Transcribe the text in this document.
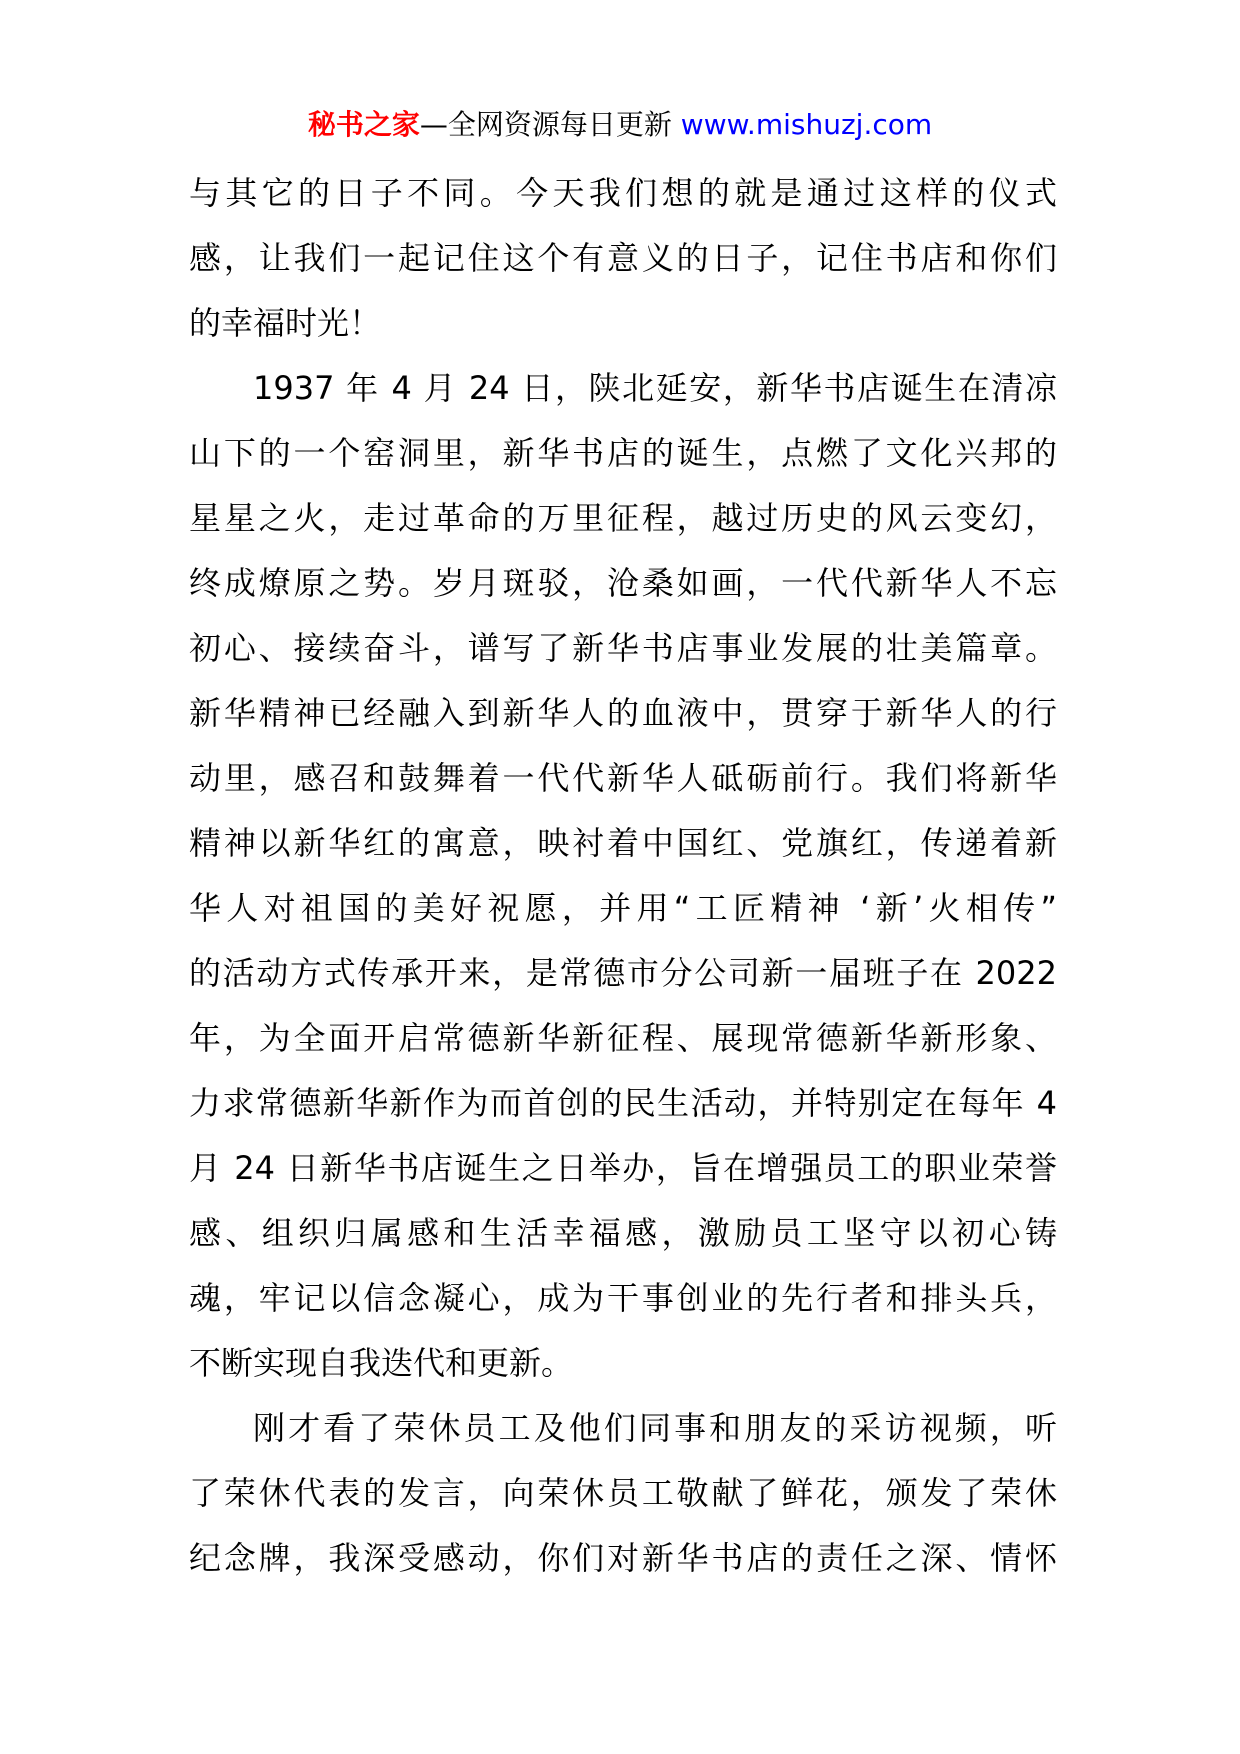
秘书之家—全网资源每日更新 www.mishuzj.com
与其它的日子不同。今天我们想的就是通过这样的仪式
感，让我们一起记住这个有意义的日子，记住书店和你们
的幸福时光！
1937 年 4 月 24 日，陕北延安，新华书店诞生在清凉
山下的一个窑洞里，新华书店的诞生，点燃了文化兴邦的
星星之火，走过革命的万里征程，越过历史的风云变幻，
终成燎原之势。岁月斑驳，沧桑如画，一代代新华人不忘
初心、接续奋斗，谱写了新华书店事业发展的壮美篇章。
新华精神已经融入到新华人的血液中，贯穿于新华人的行
动里，感召和鼓舞着一代代新华人砥砺前行。我们将新华
精神以新华红的寓意，映衬着中国红、党旗红，传递着新
华人对祖国的美好祝愿，并用“工匠精神 ‘新’火相传”
的活动方式传承开来，是常德市分公司新一届班子在 2022
年，为全面开启常德新华新征程、展现常德新华新形象、
力求常德新华新作为而首创的民生活动，并特别定在每年 4
月 24 日新华书店诞生之日举办，旨在增强员工的职业荣誉
感、组织归属感和生活幸福感，激励员工坚守以初心铸
魂，牢记以信念凝心，成为干事创业的先行者和排头兵，
不断实现自我迭代和更新。
刚才看了荣休员工及他们同事和朋友的采访视频，听
了荣休代表的发言，向荣休员工敬献了鲜花，颁发了荣休
纪念牌，我深受感动，你们对新华书店的责任之深、情怀
